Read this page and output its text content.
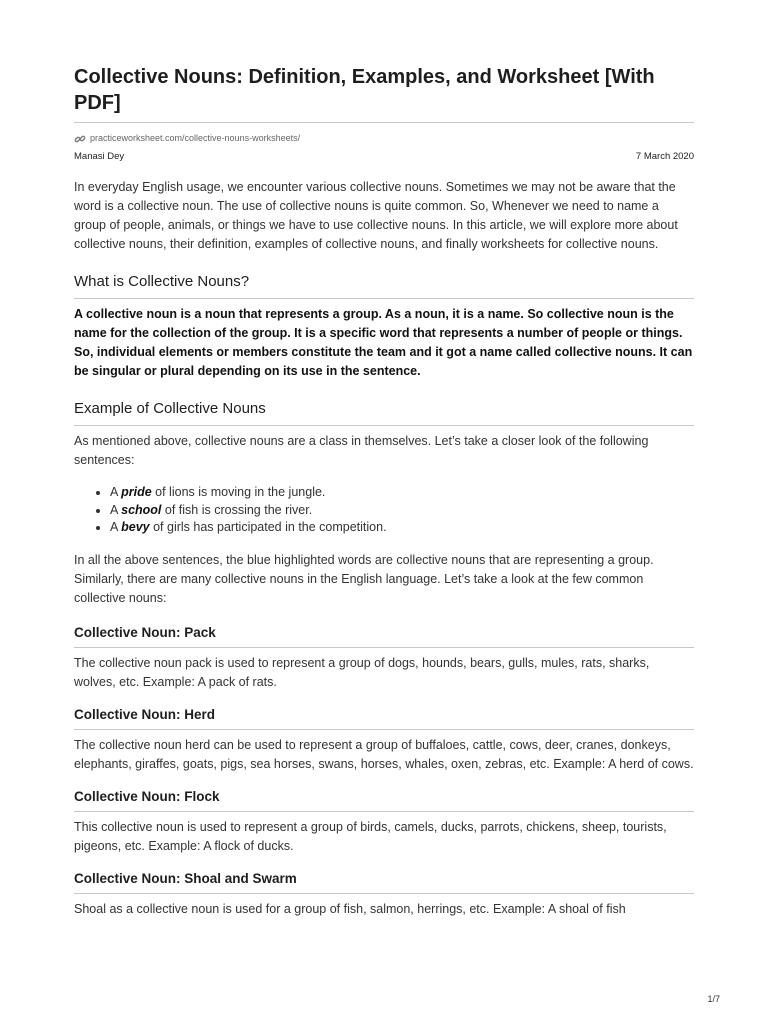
Collective Nouns: Definition, Examples, and Worksheet [With PDF]
practiceworksheet.com/collective-nouns-worksheets/
Manasi Dey	7 March 2020

In everyday English usage, we encounter various collective nouns. Sometimes we may not be aware that the word is a collective noun. The use of collective nouns is quite common. So, Whenever we need to name a group of people, animals, or things we have to use collective nouns. In this article, we will explore more about collective nouns, their definition, examples of collective nouns, and finally worksheets for collective nouns.

What is Collective Nouns?

A collective noun is a noun that represents a group. As a noun, it is a name. So collective noun is the name for the collection of the group. It is a specific word that represents a number of people or things. So, individual elements or members constitute the team and it got a name called collective nouns. It can be singular or plural depending on its use in the sentence.

Example of Collective Nouns

As mentioned above, collective nouns are a class in themselves. Let’s take a closer look of the following sentences:

• A pride of lions is moving in the jungle.
• A school of fish is crossing the river.
• A bevy of girls has participated in the competition.

In all the above sentences, the blue highlighted words are collective nouns that are representing a group. Similarly, there are many collective nouns in the English language. Let’s take a look at the few common collective nouns:

Collective Noun: Pack

The collective noun pack is used to represent a group of dogs, hounds, bears, gulls, mules, rats, sharks, wolves, etc. Example: A pack of rats.

Collective Noun: Herd

The collective noun herd can be used to represent a group of buffaloes, cattle, cows, deer, cranes, donkeys, elephants, giraffes, goats, pigs, sea horses, swans, horses, whales, oxen, zebras, etc. Example: A herd of cows.

Collective Noun: Flock

This collective noun is used to represent a group of birds, camels, ducks, parrots, chickens, sheep, tourists, pigeons, etc. Example: A flock of ducks.

Collective Noun: Shoal and Swarm

Shoal as a collective noun is used for a group of fish, salmon, herrings, etc. Example: A shoal of fish

1/7
